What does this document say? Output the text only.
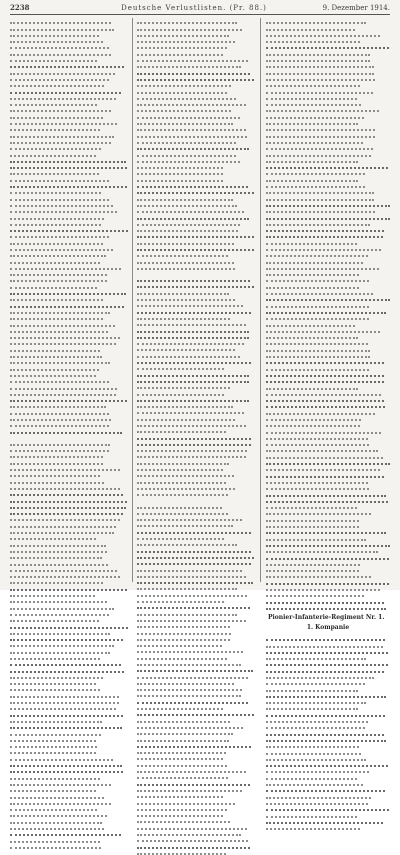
2238	Deutsche Verlustlisten. (Pr. 88.)	9. Dezember 1914.
Pionier-Infanterie-Regiment Nr. 1.
1. Kompanie
